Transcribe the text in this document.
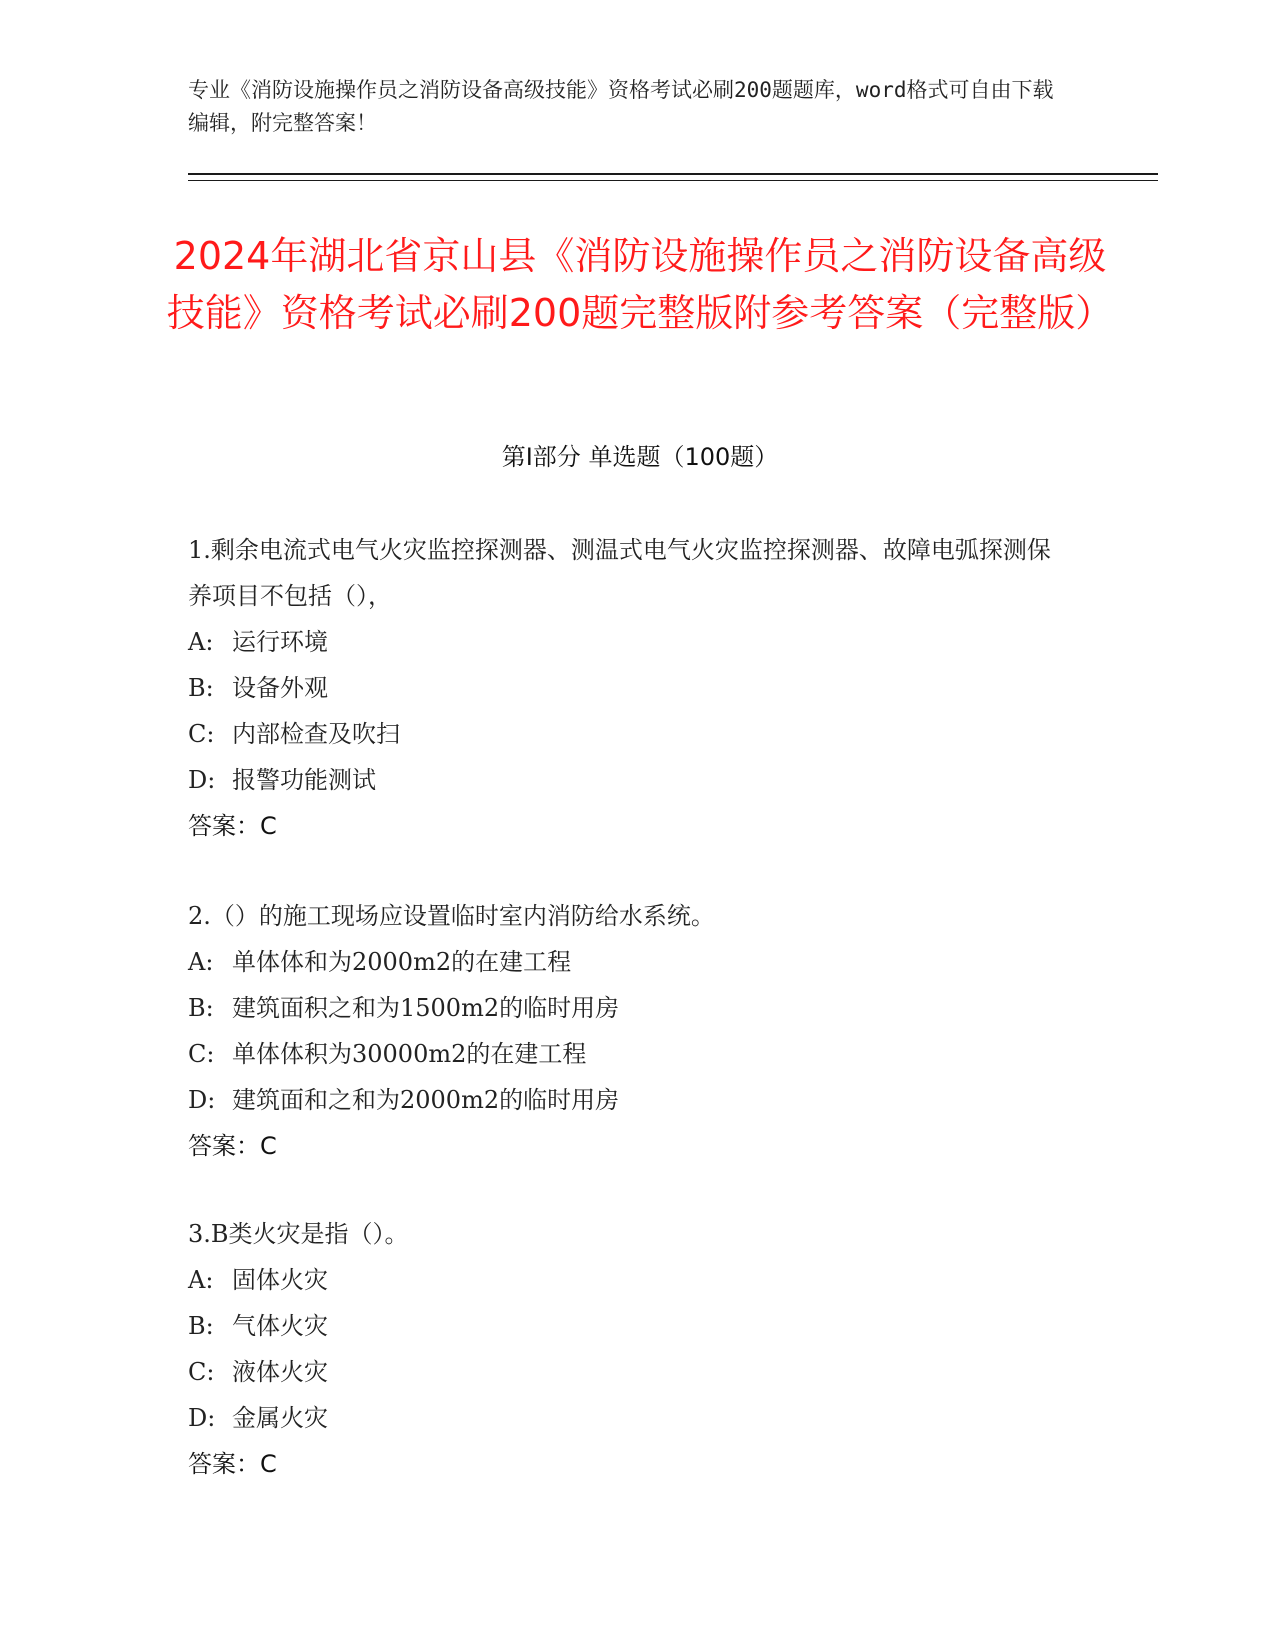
专业《消防设施操作员之消防设备高级技能》资格考试必刷200题题库，word格式可自由下载编辑，附完整答案！
2024年湖北省京山县《消防设施操作员之消防设备高级技能》资格考试必刷200题完整版附参考答案（完整版）
第I部分 单选题（100题）
1.剩余电流式电气火灾监控探测器、测温式电气火灾监控探测器、故障电弧探测保养项目不包括（），
A: 运行环境
B: 设备外观
C: 内部检查及吹扫
D: 报警功能测试
答案：C
2.（）的施工现场应设置临时室内消防给水系统。
A: 单体体和为2000m2的在建工程
B: 建筑面积之和为1500m2的临时用房
C: 单体体积为30000m2的在建工程
D: 建筑面和之和为2000m2的临时用房
答案：C
3.B类火灾是指（）。
A: 固体火灾
B: 气体火灾
C: 液体火灾
D: 金属火灾
答案：C
